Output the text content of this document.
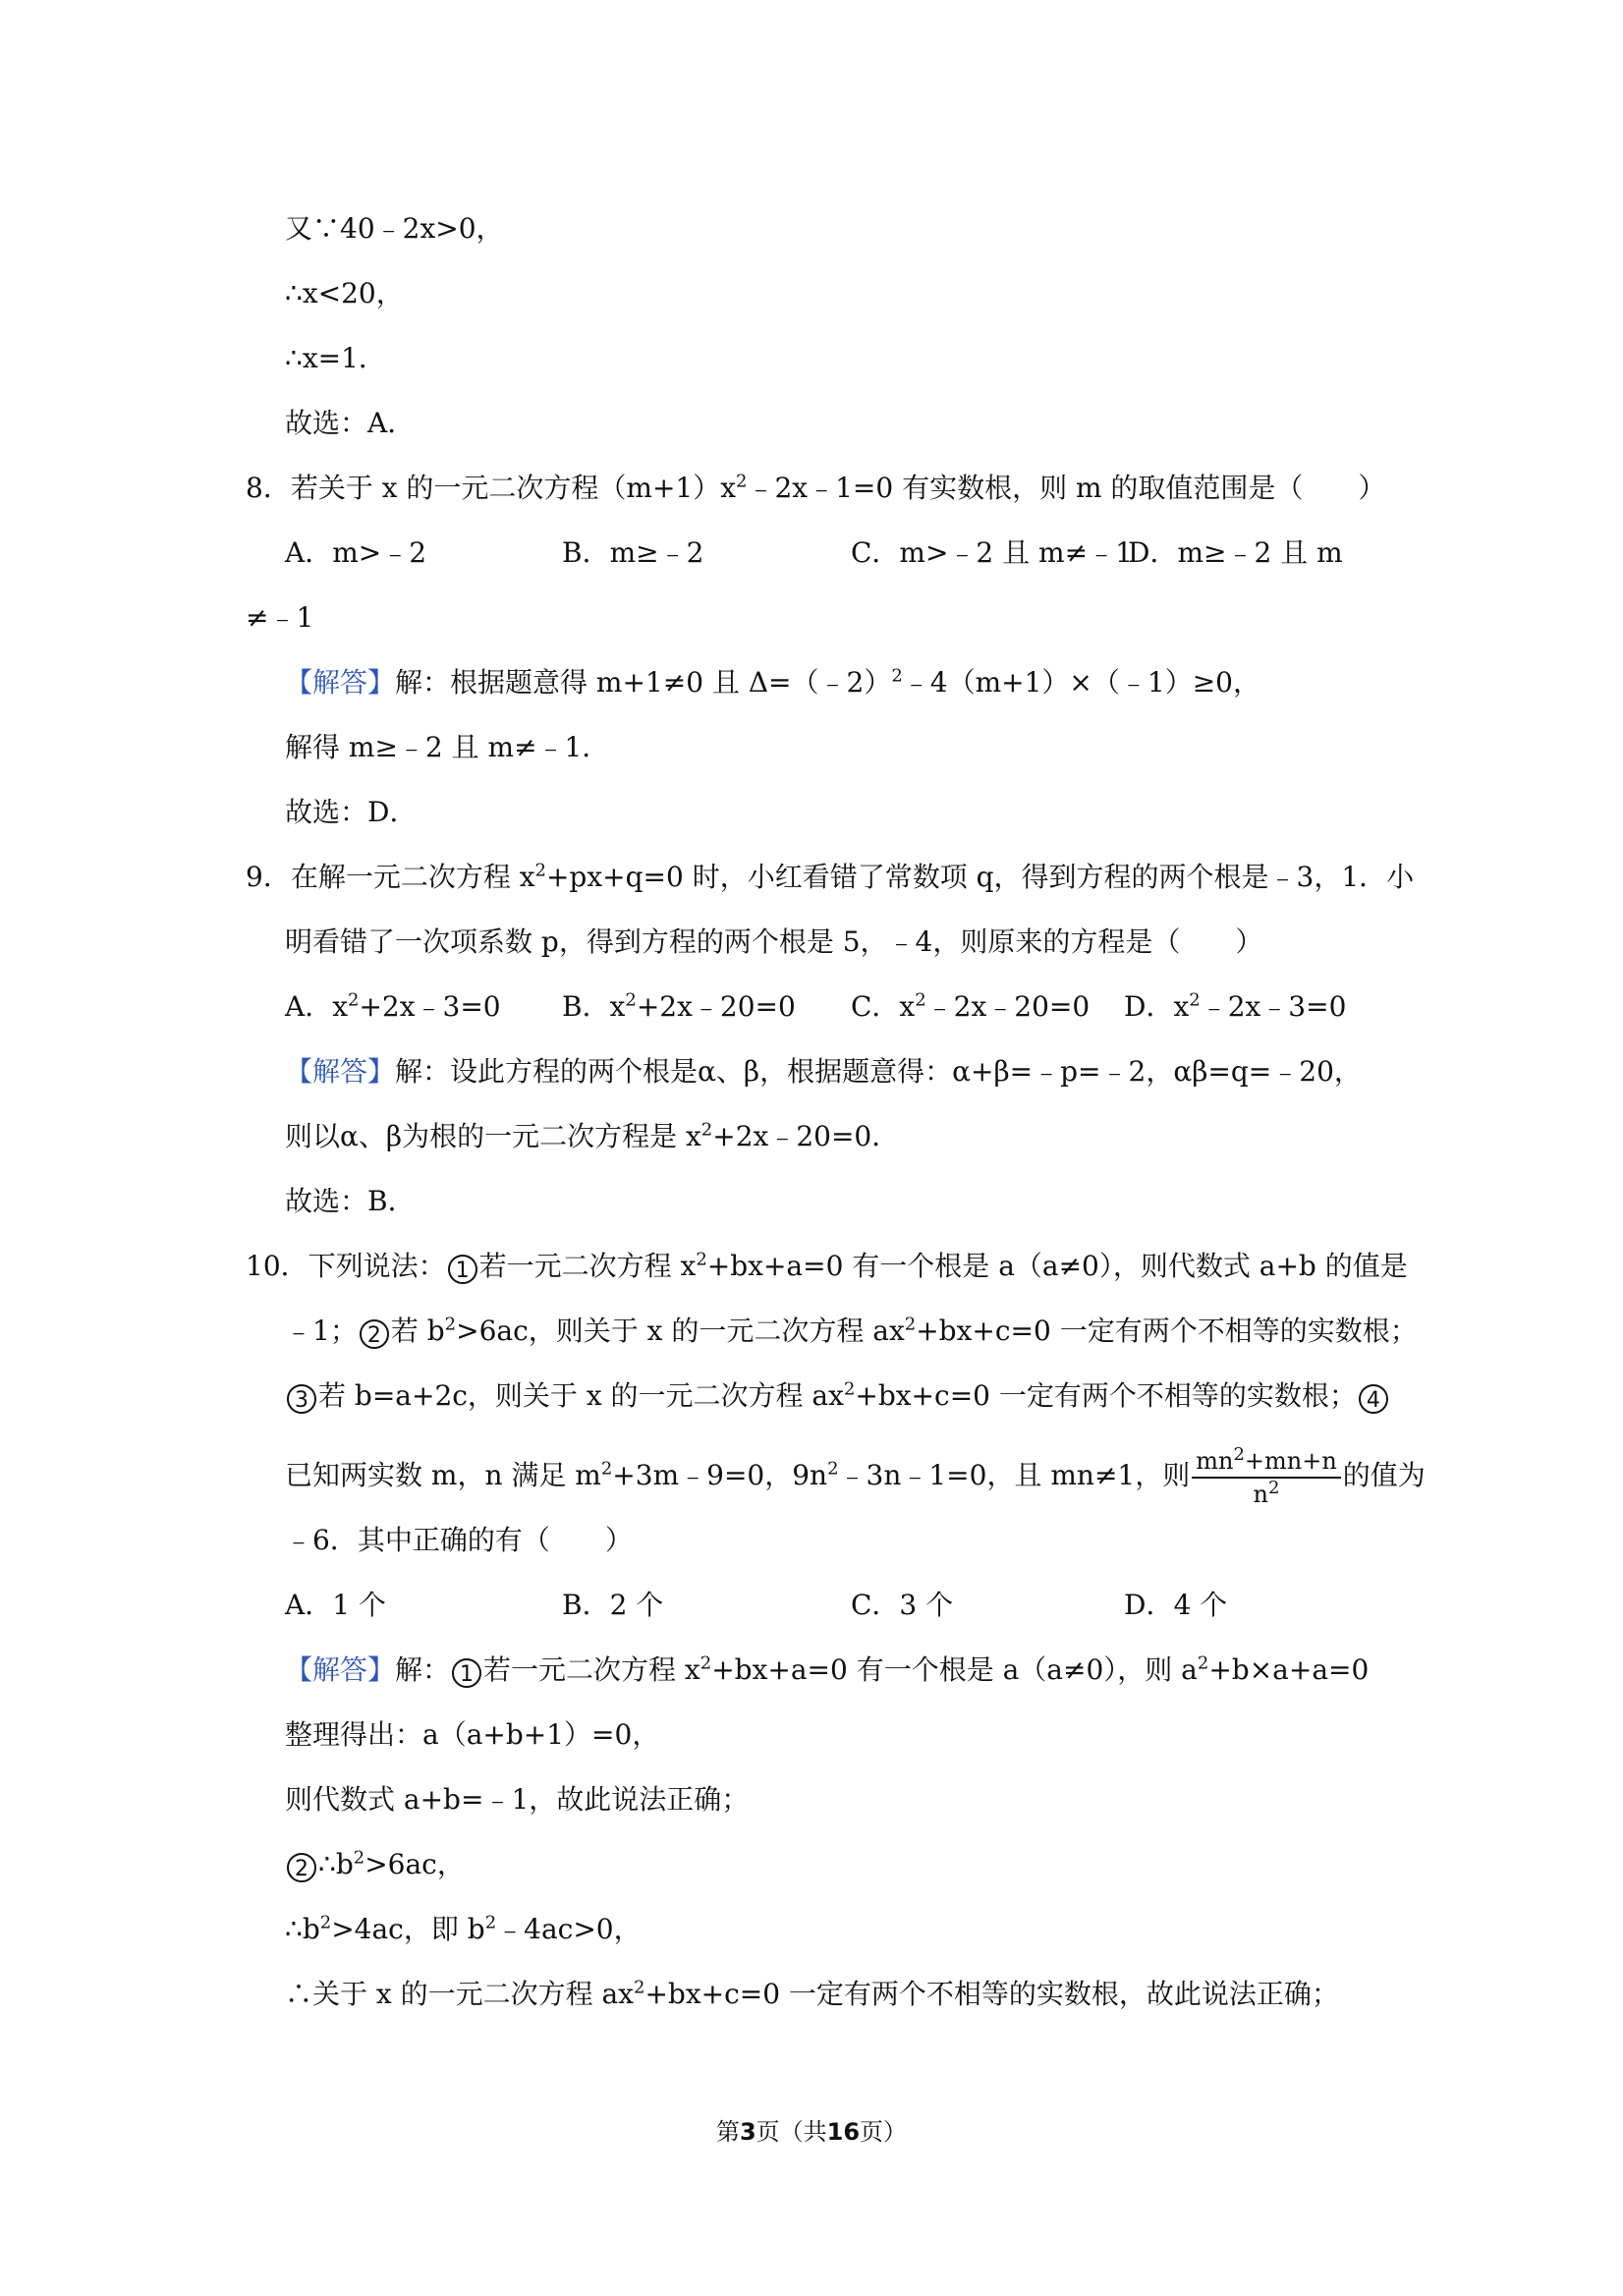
又∵40﹣2x>0，
∴x<20，
∴x=1．
故选：A．
8．若关于 x 的一元二次方程$(m+1)x^2﹣2x﹣1=0$ 有实数根，则 m 的取值范围是（　　）
A．m>﹣2	B．m≥﹣2	C．m>﹣2 且 m≠﹣1
D．m≥﹣2 且 m
≠﹣1
【解答】解：根据题意得 m+1≠0 且 Δ=（﹣2）$^2$﹣4（m+1）×（﹣1）≥0，
解得 m≥﹣2 且 m≠﹣1．
故选：D．
9．在解一元二次方程 $x^2+px+q=0$ 时，小红看错了常数项 q，得到方程的两个根是﹣3，1．小
明看错了一次项系数 p，得到方程的两个根是 5，﹣4，则原来的方程是（　　）
A．$x^2+2x﹣3=0$ B．$x^2+2x﹣20=0$ C．$x^2﹣2x﹣20=0$ D．$x^2﹣2x﹣3=0$
【解答】解：设此方程的两个根是α、β，根据题意得：α+β=﹣p=﹣2，αβ=q=﹣20，
则以α、β为根的一元二次方程是 $x^2+2x﹣20=0$．
故选：B．
10．下列说法： 1 若一元二次方程 $x^2+bx+a=0$ 有一个根是 a（a≠0），则代数式 a+b 的值是
﹣1； 2 若 $b^2>6ac$，则关于 x 的一元二次方程 $ax^2+bx+c=0$ 一定有两个不相等的实数根；
3 若 b=a+2c，则关于 x 的一元二次方程 $ax^2+bx+c=0$ 一定有两个不相等的实数根； 4
已知两实数 m，n 满足 $m^2+3m﹣9=0$，$9n^2﹣3n﹣1=0$，且 mn≠1，则 $\frac{mn^2+mn+n}{n^2}$ 的值为
﹣6．其中正确的有（　　）
A．1 个	B．2 个	C．3 个	D．4 个
【解答】解： 1 若一元二次方程 $x^2+bx+a=0$ 有一个根是 a（a≠0），则 $a^2+b\times a+a=0$
整理得出：a（a+b+1）=0，
则代数式 a+b=﹣1，故此说法正确；
2 $\therefore b^2>6ac$，
$\therefore b^2>4ac$，即 $b^2﹣4ac>0$，
∴关于 x 的一元二次方程 $ax^2+bx+c=0$ 一定有两个不相等的实数根，故此说法正确；
第3页（共16页）
